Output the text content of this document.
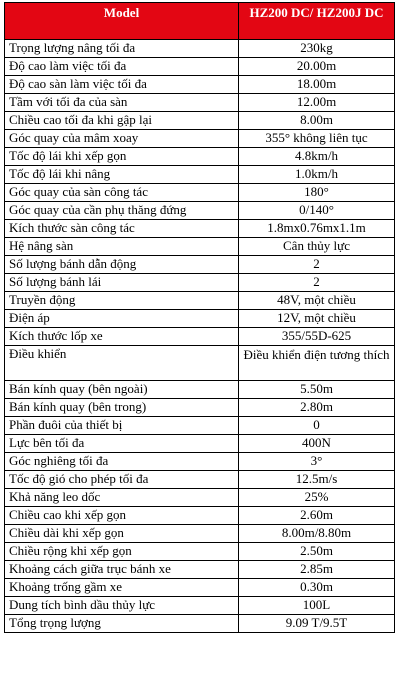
Model	HZ200 DC/ HZ200J DC
Trọng lượng nâng tối đa	230kg
Độ cao làm việc tối đa	20.00m
Độ cao sàn làm việc tối đa	18.00m
Tầm với tối đa của sàn	12.00m
Chiều cao tối đa khi gập lại	8.00m
Góc quay của mâm xoay	355° không liên tục
Tốc độ lái khi xếp gọn	4.8km/h
Tốc độ lái khi nâng	1.0km/h
Góc quay của sàn công tác	180°
Góc quay của cần phụ thăng đứng	0/140°
Kích thước sàn công tác	1.8mx0.76mx1.1m
Hệ nâng sàn	Cân thủy lực
Số lượng bánh dẫn động	2
Số lượng bánh lái	2
Truyền động	48V, một chiều
Điện áp	12V, một chiều
Kích thước lốp xe	355/55D-625
Điều khiển	Điều khiển điện tương thích
Bán kính quay (bên ngoài)	5.50m
Bán kính quay (bên trong)	2.80m
Phần đuôi của thiết bị	0
Lực bên tối đa	400N
Góc nghiêng tối đa	3°
Tốc độ gió cho phép tối đa	12.5m/s
Khả năng leo dốc	25%
Chiều cao khi xếp gọn	2.60m
Chiều dài khi xếp gọn	8.00m/8.80m
Chiều rộng khi xếp gọn	2.50m
Khoảng cách giữa trục bánh xe	2.85m
Khoảng trống gầm xe	0.30m
Dung tích bình dầu thủy lực	100L
Tổng trọng lượng	9.09 T/9.5T
